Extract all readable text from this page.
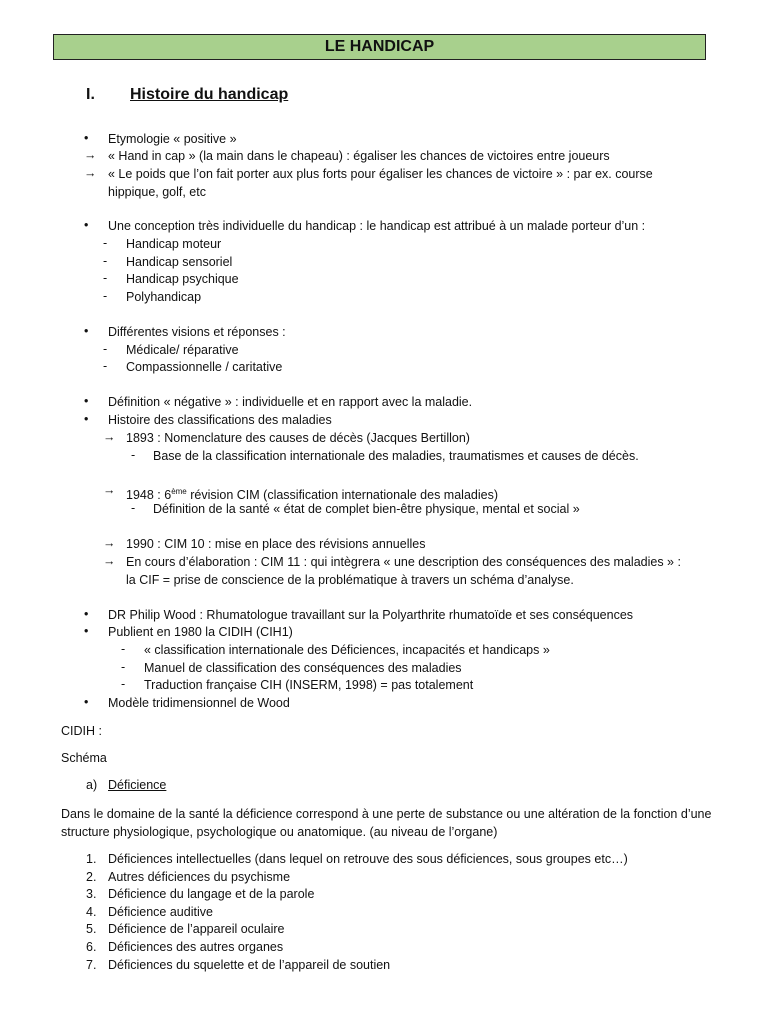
LE HANDICAP
I. Histoire du handicap
• Etymologie « positive »
→ « Hand in cap » (la main dans le chapeau) : égaliser les chances de victoires entre joueurs
→ « Le poids que l’on fait porter aux plus forts pour égaliser les chances de victoire » : par ex. course
hippique, golf, etc
• Une conception très individuelle du handicap : le handicap est attribué à un malade porteur d’un :
- Handicap moteur
- Handicap sensoriel
- Handicap psychique
- Polyhandicap
• Différentes visions et réponses :
- Médicale/ réparative
- Compassionnelle / caritative
• Définition « négative » : individuelle et en rapport avec la maladie.
• Histoire des classifications des maladies
→ 1893 : Nomenclature des causes de décès (Jacques Bertillon)
- Base de la classification internationale des maladies, traumatismes et causes de décès.
→ 1948 : 6ème révision CIM (classification internationale des maladies)
- Définition de la santé « état de complet bien-être physique, mental et social »
→ 1990 : CIM 10 : mise en place des révisions annuelles
→ En cours d’élaboration : CIM 11 : qui intègrera « une description des conséquences des maladies » :
la CIF = prise de conscience de la problématique à travers un schéma d’analyse.
• DR Philip Wood : Rhumatologue travaillant sur la Polyarthrite rhumatoïde et ses conséquences
• Publient en 1980 la CIDIH (CIH1)
- « classification internationale des Déficiences, incapacités et handicaps »
- Manuel de classification des conséquences des maladies
- Traduction française CIH (INSERM, 1998) = pas totalement
• Modèle tridimensionnel de Wood
CIDIH :
Schéma
a) Déficience
Dans le domaine de la santé la déficience correspond à une perte de substance ou une altération de la fonction d’une structure physiologique, psychologique ou anatomique. (au niveau de l’organe)
1. Déficiences intellectuelles (dans lequel on retrouve des sous déficiences, sous groupes etc…)
2. Autres déficiences du psychisme
3. Déficience du langage et de la parole
4. Déficience auditive
5. Déficience de l’appareil oculaire
6. Déficiences des autres organes
7. Déficiences du squelette et de l’appareil de soutien
